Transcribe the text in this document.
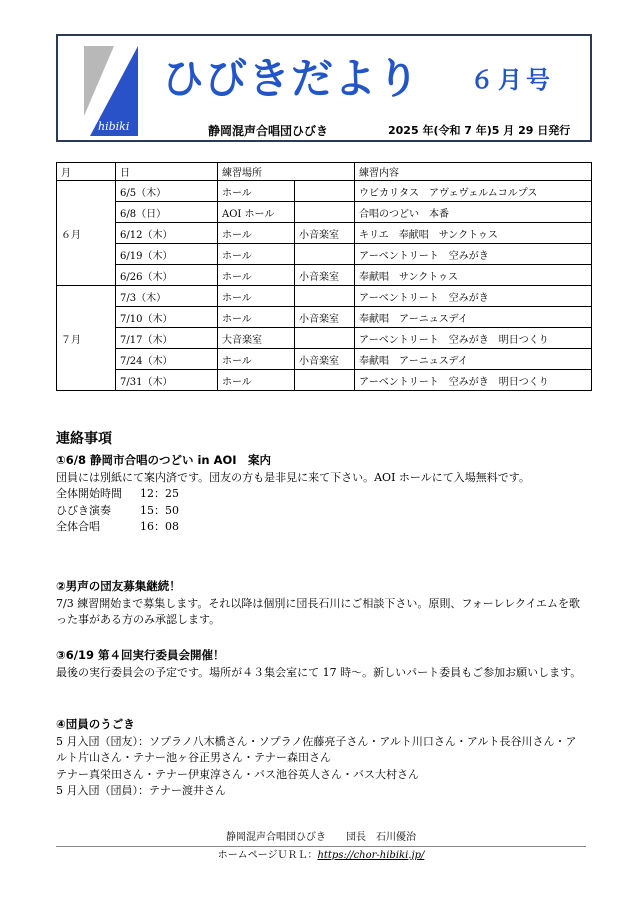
hibiki
ひびきだより ６月号
静岡混声合唱団ひびき	2025 年(令和 7 年)5 月 29 日発行
月	日	練習場所		練習内容
６月	6/5（木）	ホール		ウビカリタス　アヴェヴェルムコルプス
	6/8（日）	AOI ホール		合唱のつどい　本番
	6/12（木）	ホール	小音楽室	キリエ　奉献唱　サンクトゥス
	6/19（木）	ホール		アーベントリート　空みがき
	6/26（木）	ホール	小音楽室	奉献唱　サンクトゥス
７月	7/3（木）	ホール		アーベントリート　空みがき
	7/10（木）	ホール	小音楽室	奉献唱　アーニュスデイ
	7/17（木）	大音楽室		アーベントリート　空みがき　明日つくり
	7/24（木）	ホール	小音楽室	奉献唱　アーニュスデイ
	7/31（木）	ホール		アーベントリート　空みがき　明日つくり
連絡事項
①6/8 静岡市合唱のつどい in AOI　案内

団員には別紙にて案内済です。団友の方も是非見に来て下さい。AOI ホールにて入場無料です。

全体開始時間	12：25
ひびき演奏	15：50
全体合唱	16：08
②男声の団友募集継続！

7/3 練習開始まで募集します。それ以降は個別に団長石川にご相談下さい。原則、フォーレレクイエムを歌った事がある方のみ承認します。

③6/19 第４回実行委員会開催！

最後の実行委員会の予定です。場所が４３集会室にて 17 時〜。新しいパート委員もご参加お願いします。

④団員のうごき

5 月入団（団友）：ソプラノ八木橋さん・ソプラノ佐藤亮子さん・アルト川口さん・アルト長谷川さん・アルト片山さん・テナー池ヶ谷正男さん・テナー森田さん

テナー真栄田さん・テナー伊東淳さん・バス池谷英人さん・バス大村さん

5 月入団（団員）：テナー渡井さん

静岡混声合唱団ひびき　　団長　石川優治
ホームページＵＲＬ：https://chor-hibiki.jp/
